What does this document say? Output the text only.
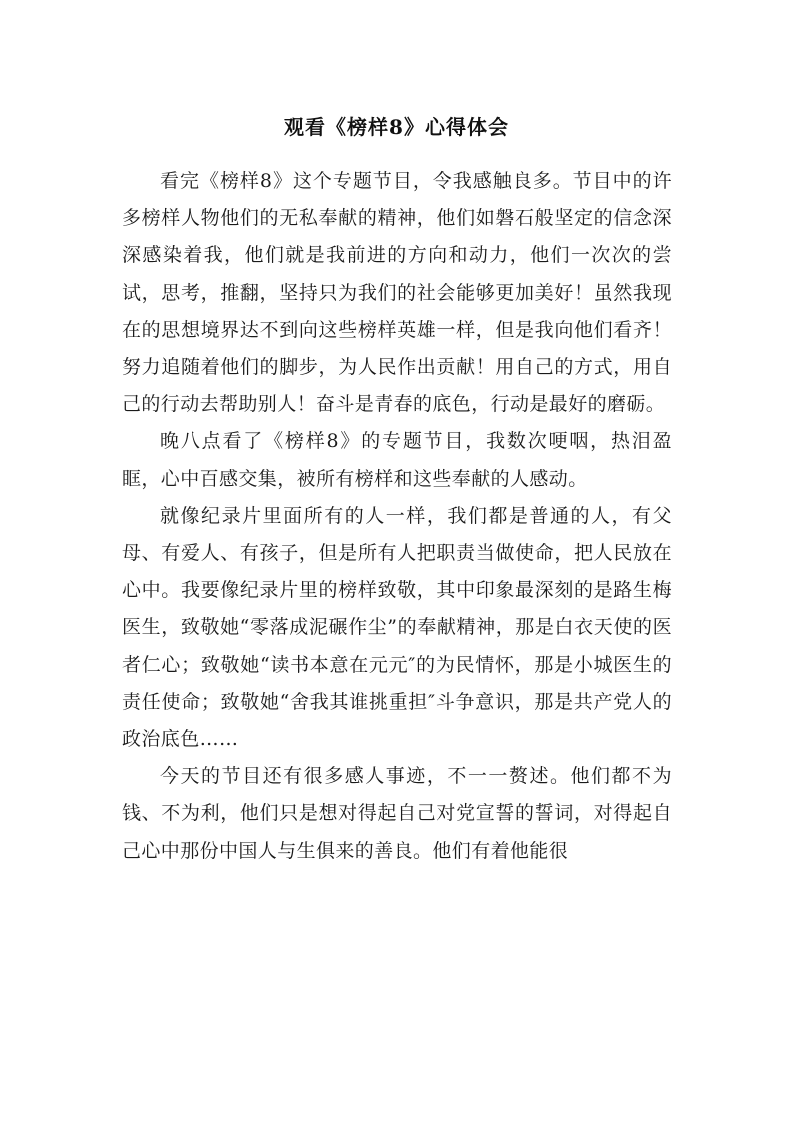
观看《榜样8》心得体会

看完《榜样8》这个专题节目，令我感触良多。节目中的许多榜样人物他们的无私奉献的精神，他们如磐石般坚定的信念深深感染着我，他们就是我前进的方向和动力，他们一次次的尝试，思考，推翻，坚持只为我们的社会能够更加美好！虽然我现在的思想境界达不到向这些榜样英雄一样，但是我向他们看齐！努力追随着他们的脚步，为人民作出贡献！用自己的方式，用自己的行动去帮助别人！奋斗是青春的底色，行动是最好的磨砺。

晚八点看了《榜样8》的专题节目，我数次哽咽，热泪盈眶，心中百感交集，被所有榜样和这些奉献的人感动。

就像纪录片里面所有的人一样，我们都是普通的人，有父母、有爱人、有孩子，但是所有人把职责当做使命，把人民放在心中。我要像纪录片里的榜样致敬，其中印象最深刻的是路生梅医生，致敬她“零落成泥碾作尘”的奉献精神，那是白衣天使的医者仁心；致敬她“读书本意在元元″的为民情怀，那是小城医生的责任使命；致敬她“舍我其谁挑重担″斗争意识，那是共产党人的政治底色……

今天的节目还有很多感人事迹，不一一赘述。他们都不为钱、不为利，他们只是想对得起自己对党宣誓的誓词，对得起自己心中那份中国人与生俱来的善良。他们有着他能很
